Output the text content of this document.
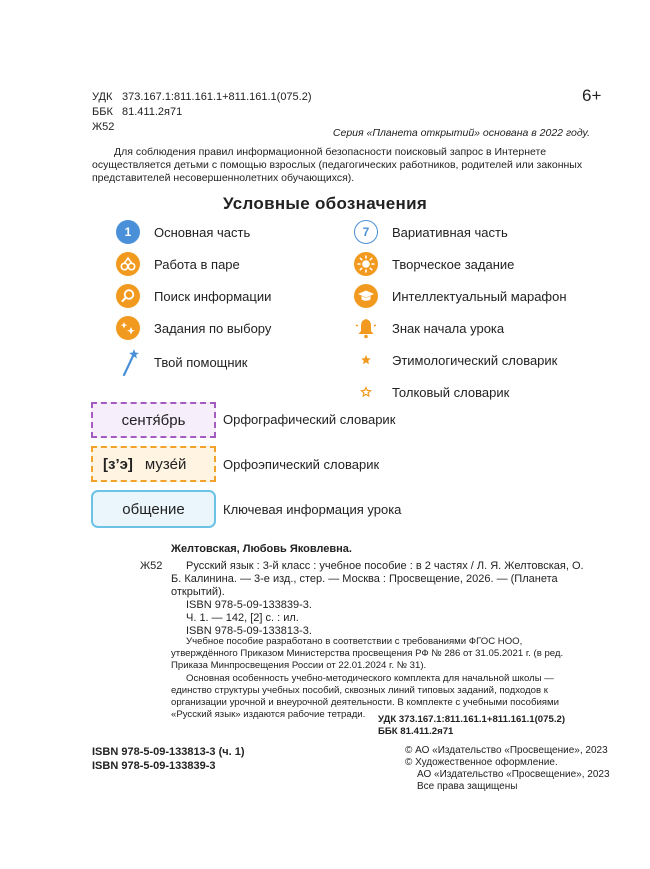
УДК 373.167.1:811.161.1+811.161.1(075.2)
ББК 81.411.2я71
Ж52
6+
Серия «Планета открытий» основана в 2022 году.
Для соблюдения правил информационной безопасности поисковый запрос в Интернете осуществляется детьми с помощью взрослых (педагогических работников, родителей или законных представителей несовершеннолетних обучающихся).
Условные обозначения
1	Основная часть
Работа в паре
Поиск информации
Задания по выбору
Твой помощник
7	Вариативная часть
Творческое задание
Интеллектуальный марафон
Знак начала урока
Этимологический словарик
Толковый словарик
сентя́брь	Орфографический словарик
[з’э] музе́й	Орфоэпический словарик
общение	Ключевая информация урока
Желтовская, Любовь Яковлевна.
Ж52	Русский язык : 3-й класс : учебное пособие : в 2 частях / Л. Я. Желтовская, О. Б. Калинина. — 3-е изд., стер. — Москва : Просвещение, 2026. — (Планета открытий).
ISBN 978-5-09-133839-3.
Ч. 1. — 142, [2] с. : ил.
ISBN 978-5-09-133813-3.
Учебное пособие разработано в соответствии с требованиями ФГОС НОО, утверждённого Приказом Министерства просвещения РФ № 286 от 31.05.2021 г. (в ред. Приказа Минпросвещения России от 22.01.2024 г. № 31).
Основная особенность учебно-методического комплекта для начальной школы — единство структуры учебных пособий, сквозных линий типовых заданий, подходов к организации урочной и внеурочной деятельности. В комплекте с учебными пособиями «Русский язык» издаются рабочие тетради.	УДК 373.167.1:811.161.1+811.161.1(075.2)
ББК 81.411.2я71
ISBN 978-5-09-133813-3 (ч. 1)
ISBN 978-5-09-133839-3
© АО «Издательство «Просвещение», 2023
© Художественное оформление.
АО «Издательство «Просвещение», 2023
Все права защищены
